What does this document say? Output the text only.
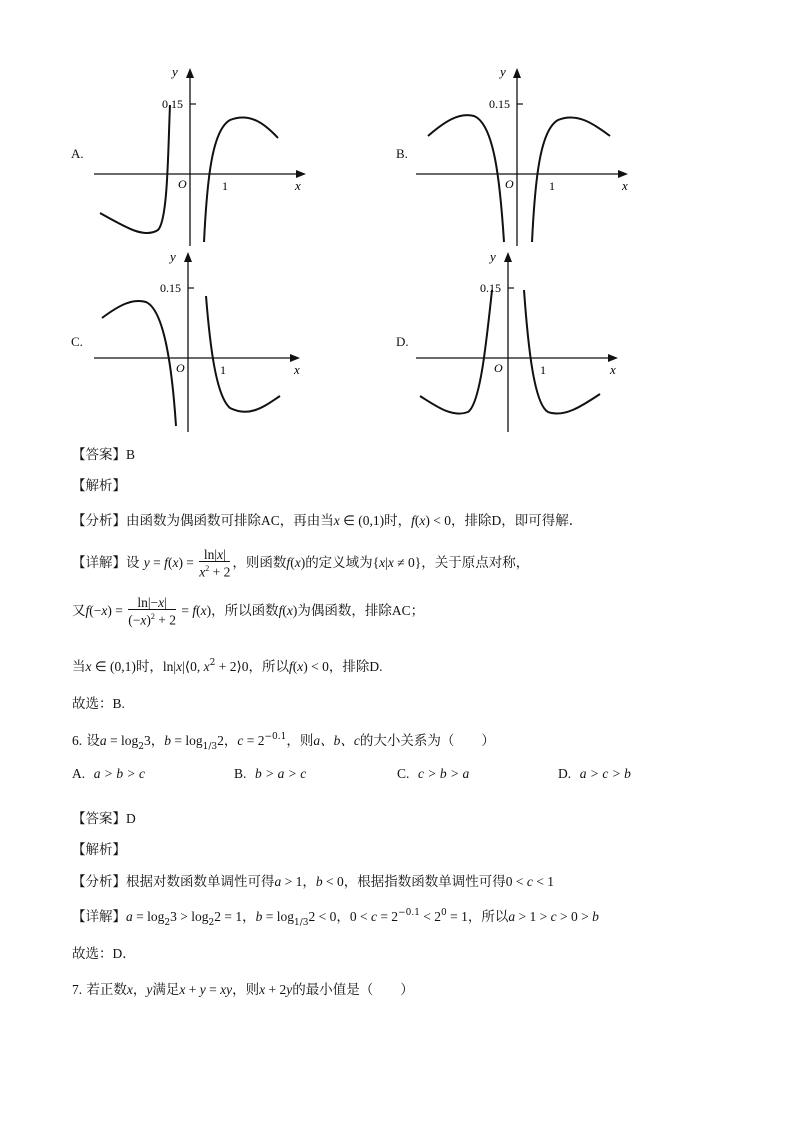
A.
y
0.15
O	1	x
B.
y
0.15
O	1	x
C.
y
0.15
O	1	x
D.
y
0.15
O	1	x
【答案】B
【解析】
【分析】由函数为偶函数可排除AC，再由当x ∈ (0,1)时，f(x) < 0，排除D，即可得解.
【详解】设 $y = f(x) = \frac{\ln|x|}{x^2 + 2}$ ，则函数f(x)的定义域为{x|x ≠ 0}，关于原点对称，
又$f(-x) = \frac{\ln|-x|}{(-x)^2 + 2} = f(x)$，所以函数f(x)为偶函数，排除AC；
当x ∈ (0,1)时，ln|x|⟨0, $x^2$ + 2⟩0，所以f(x) < 0，排除D.
故选：B.
6. 设$a = \log_23$，$b = \log_{1/3}2$，$c = 2^{-0.1}$，则a、b、c的大小关系为（　　）
A. a > b > c	B. b > a > c	C. c > b > a	D. a > c > b
【答案】D
【解析】
【分析】根据对数函数单调性可得a > 1，b < 0，根据指数函数单调性可得0 < c < 1
【详解】$a = \log_23 > \log_22 = 1$，$b = \log_{1/3}2 < 0$，$0 < c = 2^{-0.1} < 2^0 = 1$，所以a > 1 > c > 0 > b
故选：D．
7. 若正数x，y满足x + y = xy，则x + 2y的最小值是（　　）
